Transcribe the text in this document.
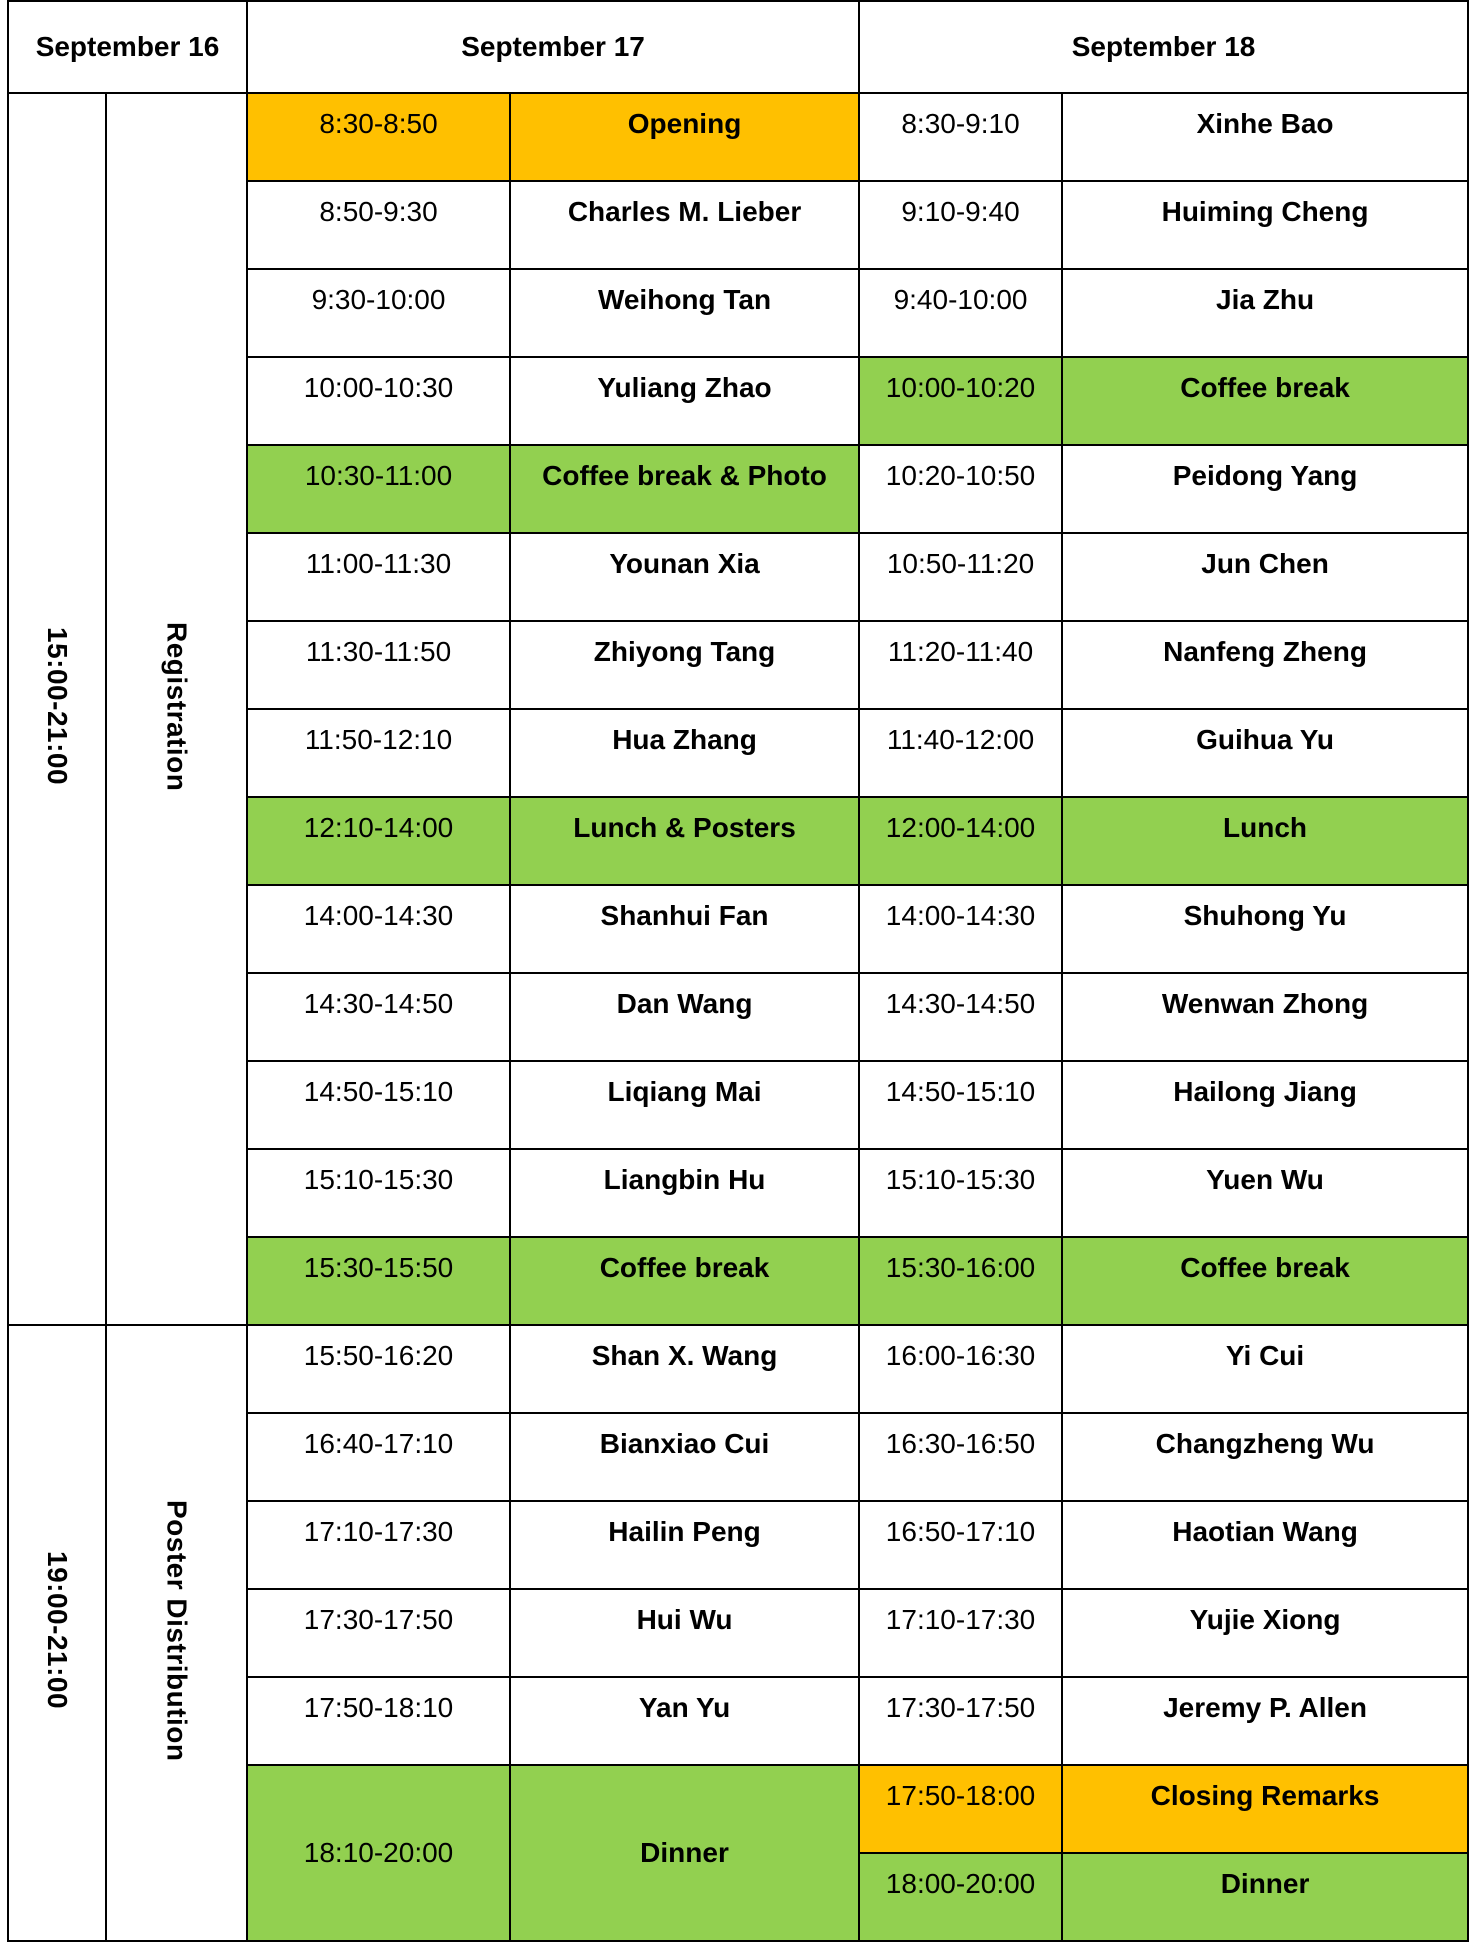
September 16		September 17		September 18	
15:00-21:00	Registration	8:30-8:50	Opening	8:30-9:10	Xinhe Bao

		8:50-9:30	Charles M. Lieber	9:10-9:40	Huiming Cheng

		9:30-10:00	Weihong Tan	9:40-10:00	Jia Zhu

		10:00-10:30	Yuliang Zhao	10:00-10:20	Coffee break

		10:30-11:00	Coffee break & Photo	10:20-10:50	Peidong Yang

		11:00-11:30	Younan Xia	10:50-11:20	Jun Chen

		11:30-11:50	Zhiyong Tang	11:20-11:40	Nanfeng Zheng

		11:50-12:10	Hua Zhang	11:40-12:00	Guihua Yu

		12:10-14:00	Lunch & Posters	12:00-14:00	Lunch

		14:00-14:30	Shanhui Fan	14:00-14:30	Shuhong Yu

		14:30-14:50	Dan Wang	14:30-14:50	Wenwan Zhong

		14:50-15:10	Liqiang Mai	14:50-15:10	Hailong Jiang

		15:10-15:30	Liangbin Hu	15:10-15:30	Yuen Wu

		15:30-15:50	Coffee break	15:30-16:00	Coffee break

19:00-21:00	Poster Distribution	15:50-16:20	Shan X. Wang	16:00-16:30	Yi Cui

		16:40-17:10	Bianxiao Cui	16:30-16:50	Changzheng Wu

		17:10-17:30	Hailin Peng	16:50-17:10	Haotian Wang

		17:30-17:50	Hui Wu	17:10-17:30	Yujie Xiong

		17:50-18:10	Yan Yu	17:30-17:50	Jeremy P. Allen

		18:10-20:00	Dinner	17:50-18:00	Closing Remarks

				18:00-20:00	Dinner
